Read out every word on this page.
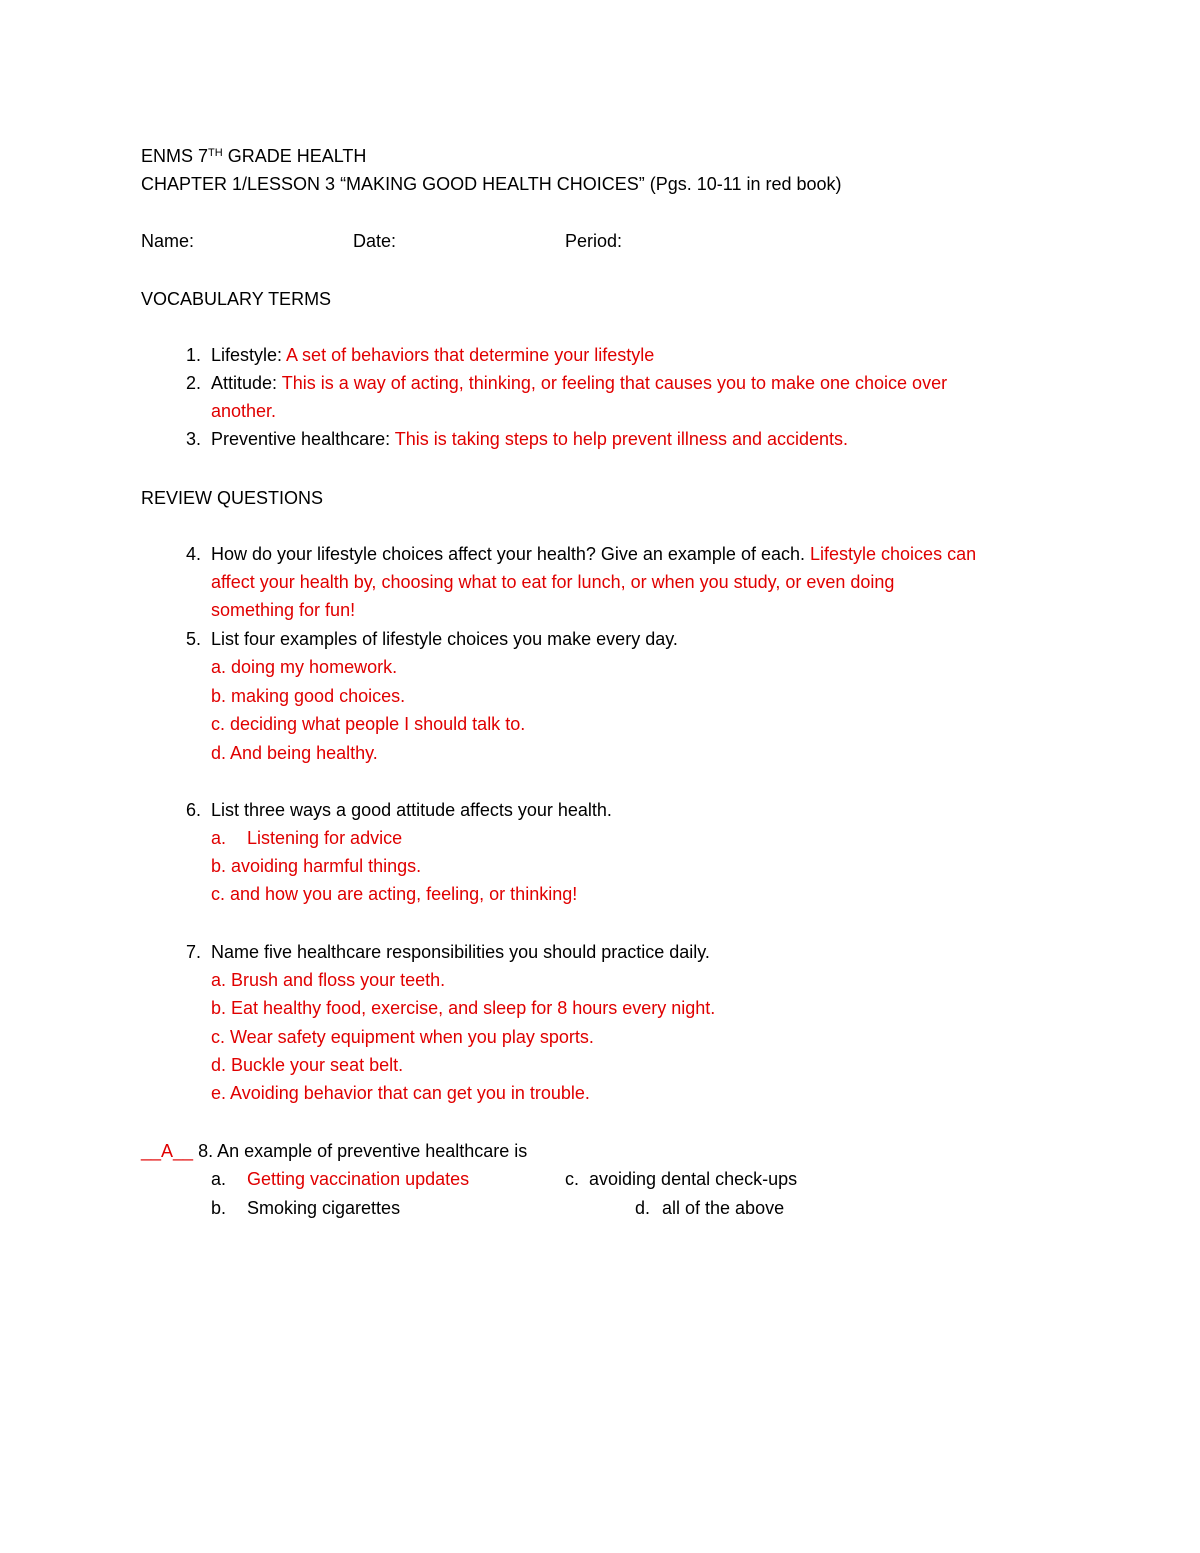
ENMS 7TH GRADE HEALTH
CHAPTER 1/LESSON 3 “MAKING GOOD HEALTH CHOICES” (Pgs. 10-11 in red book)
Name:	Date:	Period:
VOCABULARY TERMS
1. Lifestyle: A set of behaviors that determine your lifestyle
2. Attitude: This is a way of acting, thinking, or feeling that causes you to make one choice over
another.
3. Preventive healthcare: This is taking steps to help prevent illness and accidents.
REVIEW QUESTIONS
4. How do your lifestyle choices affect your health? Give an example of each. Lifestyle choices can
affect your health by, choosing what to eat for lunch, or when you study, or even doing
something for fun!
5. List four examples of lifestyle choices you make every day.
a. doing my homework.
b. making good choices.
c. deciding what people I should talk to.
d. And being healthy.
6. List three ways a good attitude affects your health.
a. Listening for advice
b. avoiding harmful things.
c. and how you are acting, feeling, or thinking!
7. Name five healthcare responsibilities you should practice daily.
a. Brush and floss your teeth.
b. Eat healthy food, exercise, and sleep for 8 hours every night.
c. Wear safety equipment when you play sports.
d. Buckle your seat belt.
e. Avoiding behavior that can get you in trouble.
__A__ 8. An example of preventive healthcare is
a. Getting vaccination updates
b. Smoking cigarettes
c. avoiding dental check-ups
d. all of the above
